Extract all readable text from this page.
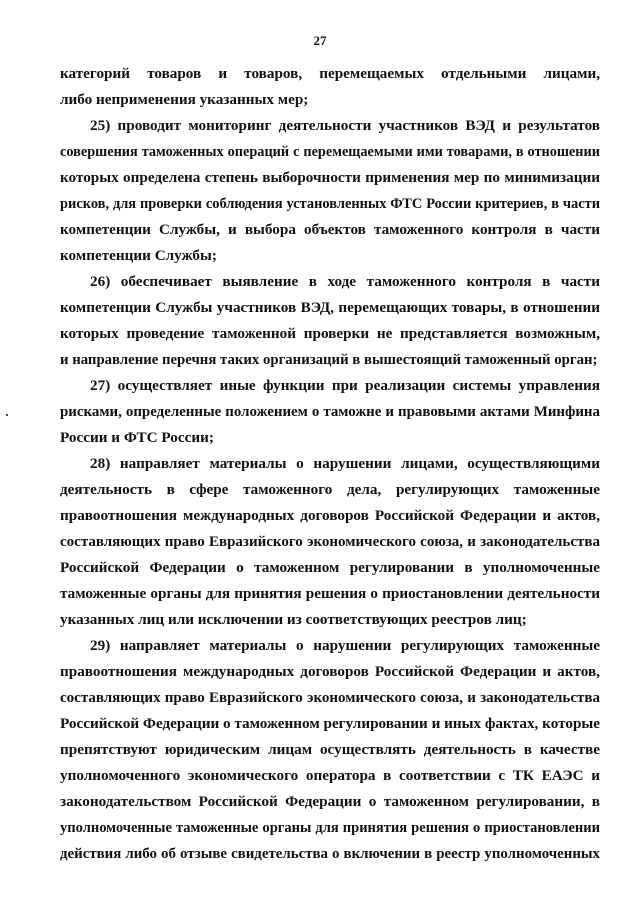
27
категорий товаров и товаров, перемещаемых отдельными лицами,
либо неприменения указанных мер;
25) проводит мониторинг деятельности участников ВЭД и результатов
совершения таможенных операций с перемещаемыми ими товарами, в отношении
которых определена степень выборочности применения мер по минимизации
рисков, для проверки соблюдения установленных ФТС России критериев, в части
компетенции Службы, и выбора объектов таможенного контроля в части
компетенции Службы;
26) обеспечивает выявление в ходе таможенного контроля в части
компетенции Службы участников ВЭД, перемещающих товары, в отношении
которых проведение таможенной проверки не представляется возможным,
и направление перечня таких организаций в вышестоящий таможенный орган;
27) осуществляет иные функции при реализации системы управления
рисками, определенные положением о таможне и правовыми актами Минфина
России и ФТС России;
28) направляет материалы о нарушении лицами, осуществляющими
деятельность в сфере таможенного дела, регулирующих таможенные
правоотношения международных договоров Российской Федерации и актов,
составляющих право Евразийского экономического союза, и законодательства
Российской Федерации о таможенном регулировании в уполномоченные
таможенные органы для принятия решения о приостановлении деятельности
указанных лиц или исключении из соответствующих реестров лиц;
29) направляет материалы о нарушении регулирующих таможенные
правоотношения международных договоров Российской Федерации и актов,
составляющих право Евразийского экономического союза, и законодательства
Российской Федерации о таможенном регулировании и иных фактах, которые
препятствуют юридическим лицам осуществлять деятельность в качестве
уполномоченного экономического оператора в соответствии с ТК ЕАЭС и
законодательством Российской Федерации о таможенном регулировании, в
уполномоченные таможенные органы для принятия решения о приостановлении
действия либо об отзыве свидетельства о включении в реестр уполномоченных
